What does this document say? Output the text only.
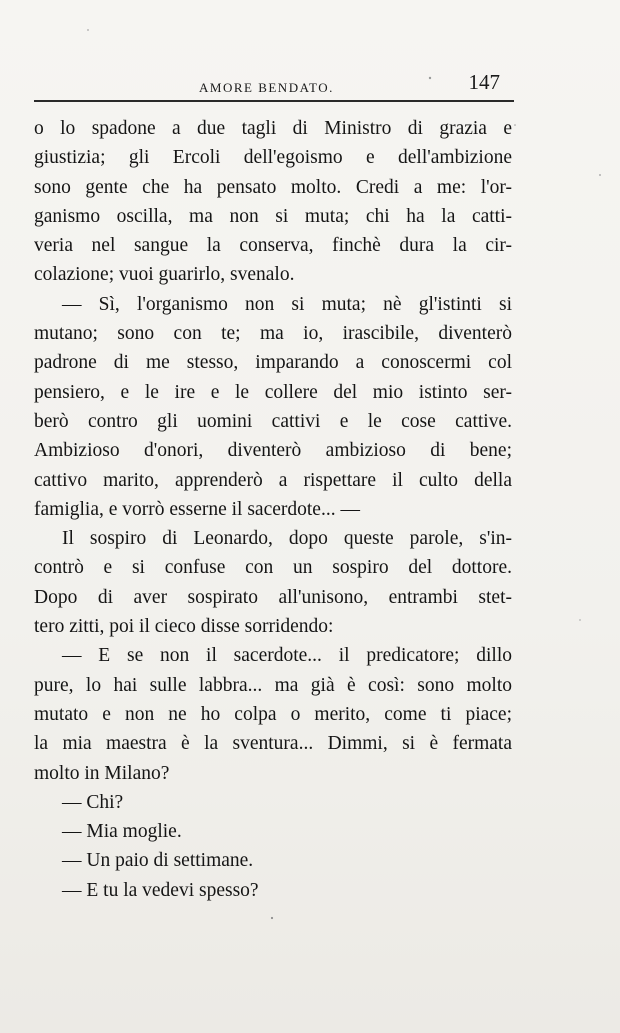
AMORE BENDATO.	147
o lo spadone a due tagli di Ministro di grazia e
giustizia; gli Ercoli dell'egoismo e dell'ambizione
sono gente che ha pensato molto. Credi a me: l'or-
ganismo oscilla, ma non si muta; chi ha la catti-
veria nel sangue la conserva, finchè dura la cir-
colazione; vuoi guarirlo, svenalo.
— Sì, l'organismo non si muta; nè gl'istinti si
mutano; sono con te; ma io, irascibile, diventerò
padrone di me stesso, imparando a conoscermi col
pensiero, e le ire e le collere del mio istinto ser-
berò contro gli uomini cattivi e le cose cattive.
Ambizioso d'onori, diventerò ambizioso di bene;
cattivo marito, apprenderò a rispettare il culto della
famiglia, e vorrò esserne il sacerdote... —
Il sospiro di Leonardo, dopo queste parole, s'in-
contrò e si confuse con un sospiro del dottore.
Dopo di aver sospirato all'unisono, entrambi stet-
tero zitti, poi il cieco disse sorridendo:
— E se non il sacerdote... il predicatore; dillo
pure, lo hai sulle labbra... ma già è così: sono molto
mutato e non ne ho colpa o merito, come ti piace;
la mia maestra è la sventura... Dimmi, si è fermata
molto in Milano?
— Chi?
— Mia moglie.
— Un paio di settimane.
— E tu la vedevi spesso?
